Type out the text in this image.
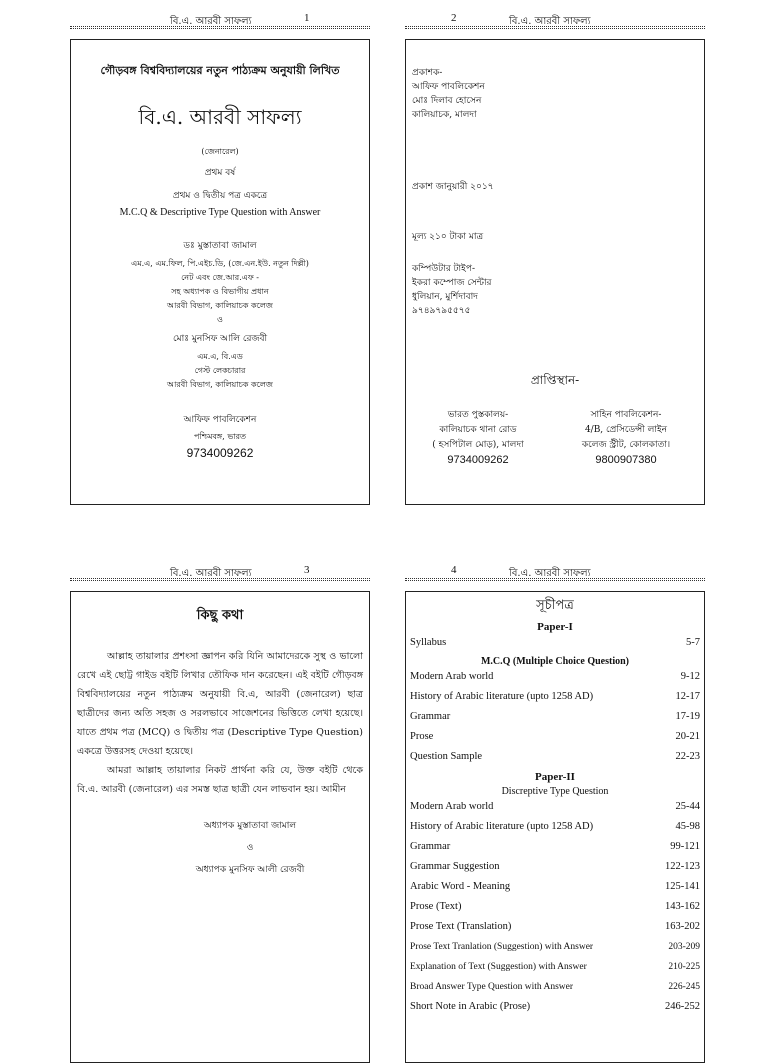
বি.এ. আরবী সাফল্য	1
গৌড়বঙ্গ বিশ্ববিদ্যালয়ের নতুন পাঠ্যক্রম অনুযায়ী লিখিত
বি.এ. আরবী সাফল্য
(জেনারেল)
প্রথম বর্ষ
প্রথম ও দ্বিতীয় পত্র একত্রে
M.C.Q & Descriptive Type Question with Answer
ডঃ মুস্তাতাবা জামাল
এম.এ, এম.ফিল, পি.এইচ.ডি, (জে.এন.ইউ. নতুন দিল্লী)
নেট এবং জে.আর.এফ -
সহ অধ্যাপক ও বিভাগীয় প্রধান
আরবী বিভাগ, কালিয়াচক কলেজ
ও
মোঃ মুনসিফ আলি রেজবী
এম.এ, বি.এড
গেস্ট লেকচারার
আরবী বিভাগ, কালিয়াচক কলেজ
আফিফ পাবলিকেশন
পশ্চিমবঙ্গ, ভারত
9734009262
2	বি.এ. আরবী সাফল্য
প্রকাশক-
আফিফ পাবলিকেশন
মোঃ দিলাব হোসেন
কালিয়াচক, মালদা
প্রকাশ জানুয়ারী ২০১৭
মূল্য ২১০ টাকা মাত্র
কম্পিউটার টাইপ-
ইকরা কম্পোজ সেন্টার
ধুলিয়ান, মুর্শিদাবাদ
৯৭৪৯৭৯৫৫৭৫
প্রাপ্তিস্থান-
ভারত পুস্তকালয়-
কালিয়াচক থানা রোড
( হসপিটাল মোড়), মালদা
9734009262
সাহিন পাবলিকেশন-
4/B, প্রেসিডেন্সী লাইন
কলেজ স্ট্রীট, কোলকাতা।
9800907380
বি.এ. আরবী সাফল্য	3
কিছু কথা
আল্লাহ তায়ালার প্রশংসা জ্ঞাপন করি যিনি আমাদেরকে সুস্থ ও ভালো রেখে এই ছোট্ট গাইড বইটি লিখার তৌফিক দান করেছেন। এই বইটি গৌড়বঙ্গ বিশ্ববিদ্যালয়ের নতুন পাঠ্যক্রম অনুযায়ী বি.এ, আরবী (জেনারেল) ছাত্র ছাত্রীদের জন্য অতি সহজ ও সরলভাবে সাজেশনের ভিত্তিতে লেখা হয়েছে। যাতে প্রথম পত্র (MCQ) ও দ্বিতীয় পত্র (Descriptive Type Question) একত্রে উত্তরসহ দেওয়া হয়েছে।
আমরা আল্লাহ তায়ালার নিকট প্রার্থনা করি যে, উক্ত বইটি থেকে বি.এ. আরবী (জেনারেল) এর সমস্ত ছাত্র ছাত্রী যেন লাভবান হয়। আমীন
অধ্যাপক মুস্তাতাবা জামাল
ও
অধ্যাপক মুনসিফ আলী রেজবী
4	বি.এ. আরবী সাফল্য
সূচীপত্র
Paper-I
Syllabus	5-7
M.C.Q (Multiple Choice Question)
Modern Arab world	9-12
History of Arabic literature (upto 1258 AD)	12-17
Grammar	17-19
Prose	20-21
Question Sample	22-23
Paper-II
Discreptive Type Question
Modern Arab world	25-44
History of Arabic literature (upto 1258 AD)	45-98
Grammar	99-121
Grammar Suggestion	122-123
Arabic Word - Meaning	125-141
Prose (Text)	143-162
Prose Text (Translation)	163-202
Prose Text Tranlation (Suggestion) with Answer	203-209
Explanation of Text (Suggestion) with Answer	210-225
Broad Answer Type Question with Answer	226-245
Short Note in Arabic (Prose)	246-252
